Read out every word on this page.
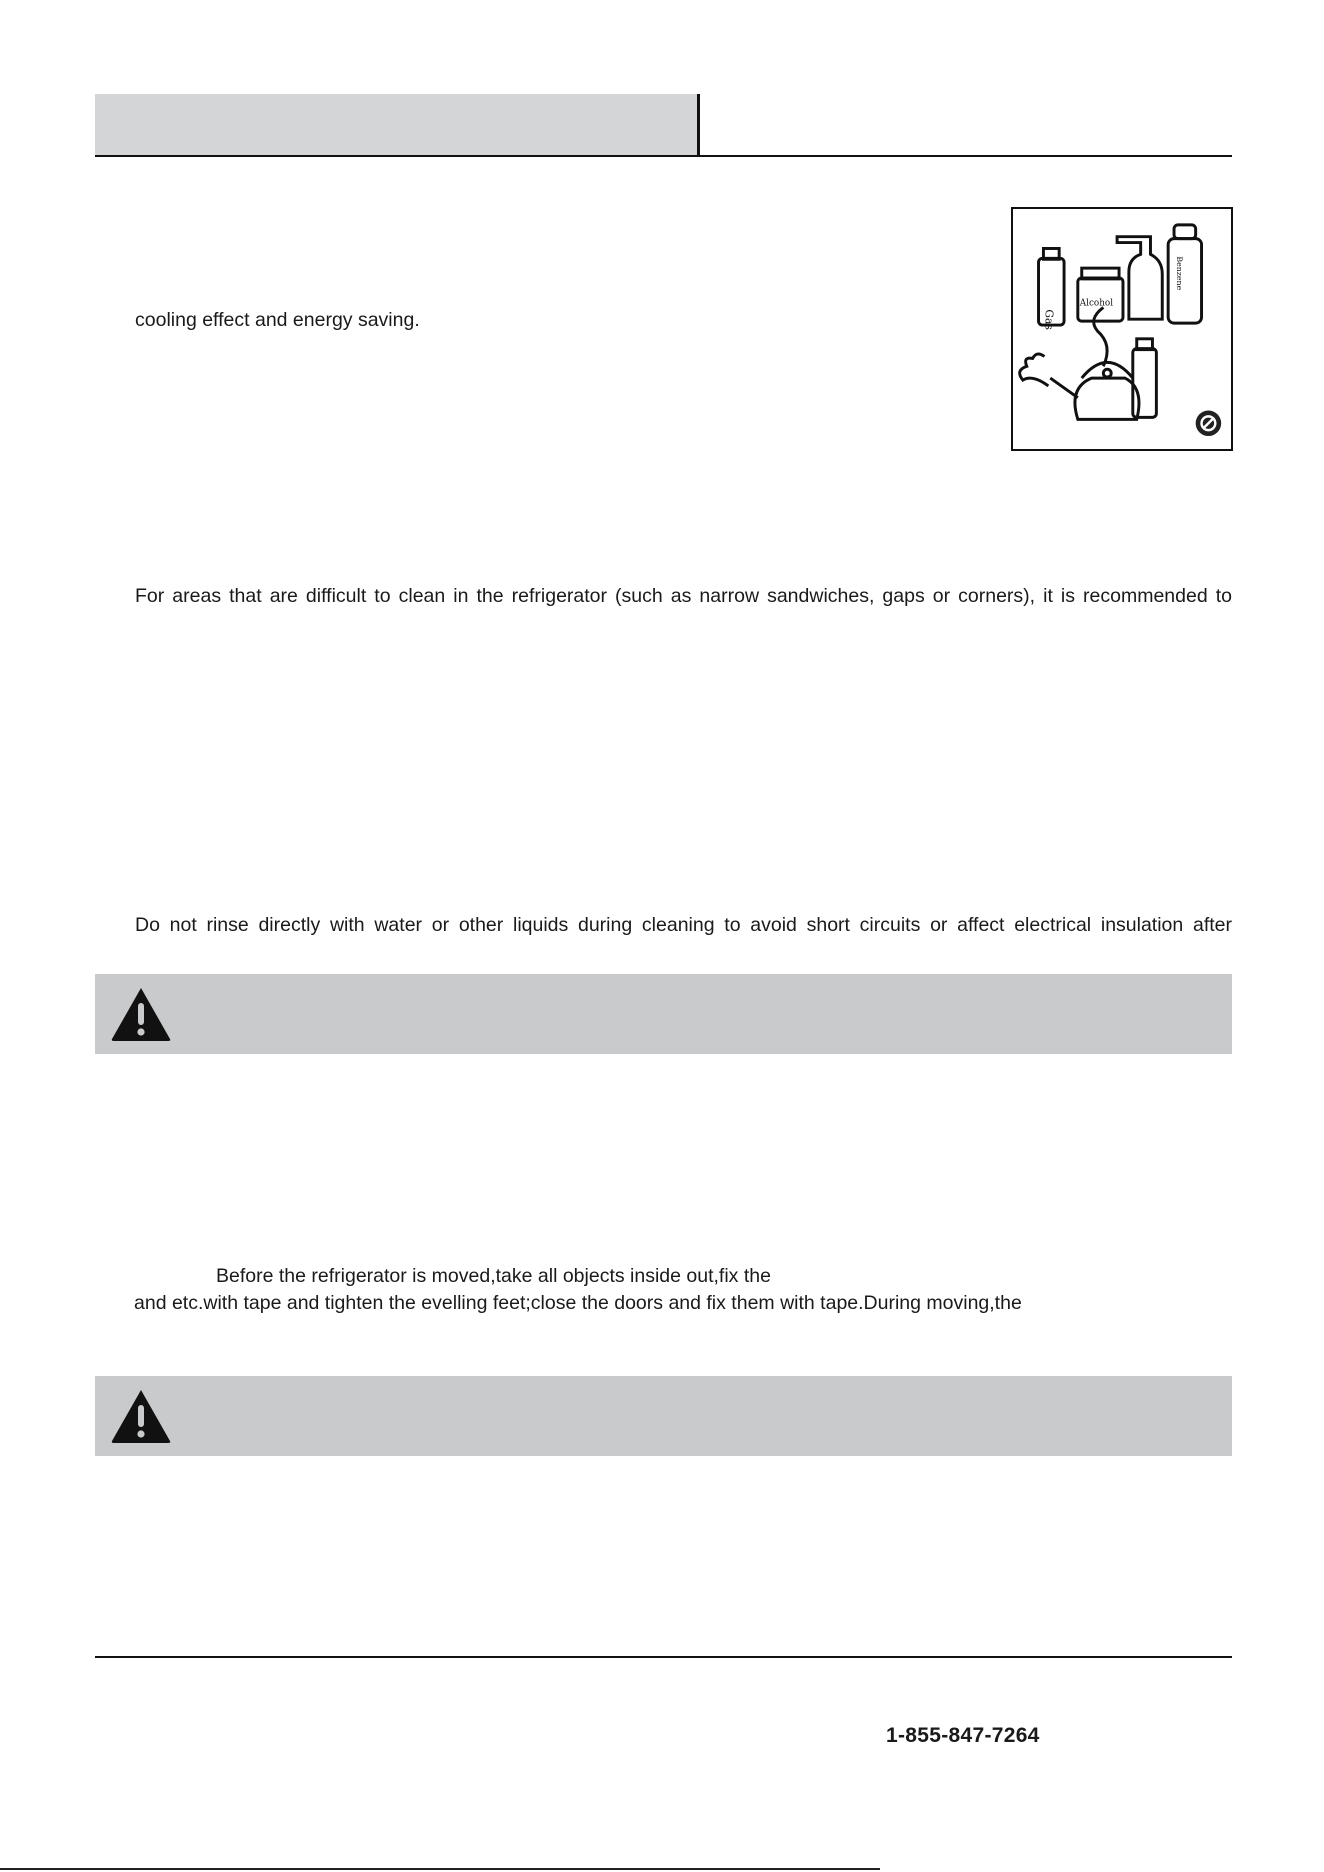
cooling effect and energy saving.	Gas
Alcohol
Benzene
For areas that are difficult to clean in the refrigerator (such as narrow sandwiches, gaps or corners), it is recommended to
Do not rinse directly with water or other liquids during cleaning to avoid short circuits or affect electrical insulation after
Before the refrigerator is moved,take all objects inside out,fix the
and etc.with tape and tighten the evelling feet;close the doors and fix them with tape.During moving,the
1-855-847-7264
